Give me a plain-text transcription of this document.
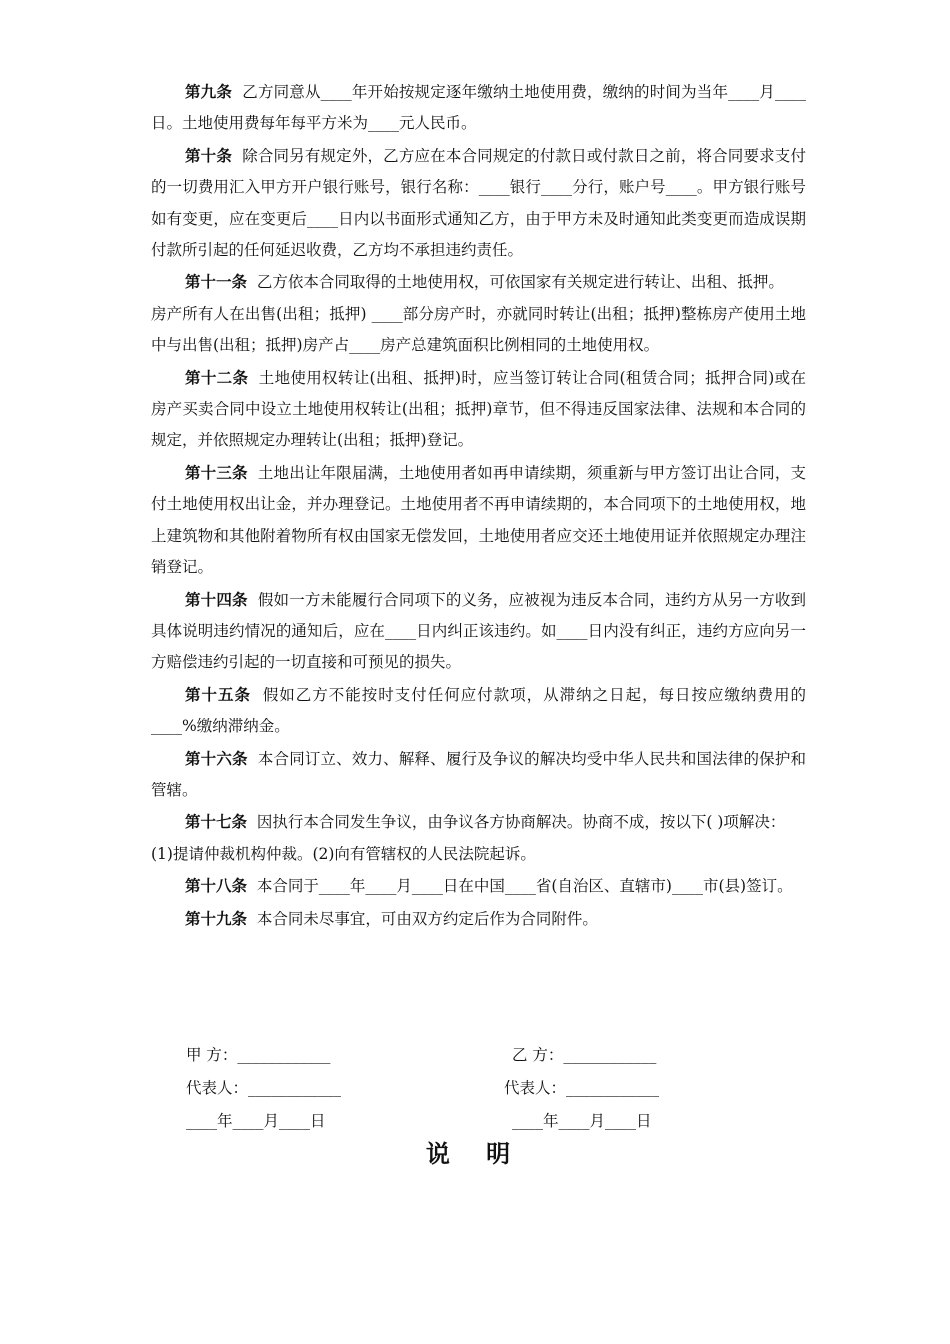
第九条 乙方同意从____年开始按规定逐年缴纳土地使用费，缴纳的时间为当年____月____日。土地使用费每年每平方米为____元人民币。

第十条 除合同另有规定外，乙方应在本合同规定的付款日或付款日之前，将合同要求支付的一切费用汇入甲方开户银行账号，银行名称：____银行____分行，账户号____。甲方银行账号如有变更，应在变更后____日内以书面形式通知乙方，由于甲方未及时通知此类变更而造成误期付款所引起的任何延迟收费，乙方均不承担违约责任。

第十一条 乙方依本合同取得的土地使用权，可依国家有关规定进行转让、出租、抵押。

房产所有人在出售(出租；抵押) ____部分房产时，亦就同时转让(出租；抵押)整栋房产使用土地中与出售(出租；抵押)房产占____房产总建筑面积比例相同的土地使用权。

第十二条 土地使用权转让(出租、抵押)时，应当签订转让合同(租赁合同；抵押合同)或在房产买卖合同中设立土地使用权转让(出租；抵押)章节，但不得违反国家法律、法规和本合同的规定，并依照规定办理转让(出租；抵押)登记。

第十三条 土地出让年限届满，土地使用者如再申请续期，须重新与甲方签订出让合同，支付土地使用权出让金，并办理登记。土地使用者不再申请续期的，本合同项下的土地使用权，地上建筑物和其他附着物所有权由国家无偿发回，土地使用者应交还土地使用证并依照规定办理注销登记。

第十四条 假如一方未能履行合同项下的义务，应被视为违反本合同，违约方从另一方收到具体说明违约情况的通知后，应在____日内纠正该违约。如____日内没有纠正，违约方应向另一方赔偿违约引起的一切直接和可预见的损失。

第十五条 假如乙方不能按时支付任何应付款项，从滞纳之日起，每日按应缴纳费用的____%缴纳滞纳金。

第十六条 本合同订立、效力、解释、履行及争议的解决均受中华人民共和国法律的保护和管辖。

第十七条 因执行本合同发生争议，由争议各方协商解决。协商不成，按以下( )项解决：

(1)提请仲裁机构仲裁。(2)向有管辖权的人民法院起诉。

第十八条 本合同于____年____月____日在中国____省(自治区、直辖市)____市(县)签订。

第十九条 本合同未尽事宜，可由双方约定后作为合同附件。

甲 方：____________
代表人：____________
____年____月____日
乙 方：____________
代表人：____________
____年____月____日
说 明
